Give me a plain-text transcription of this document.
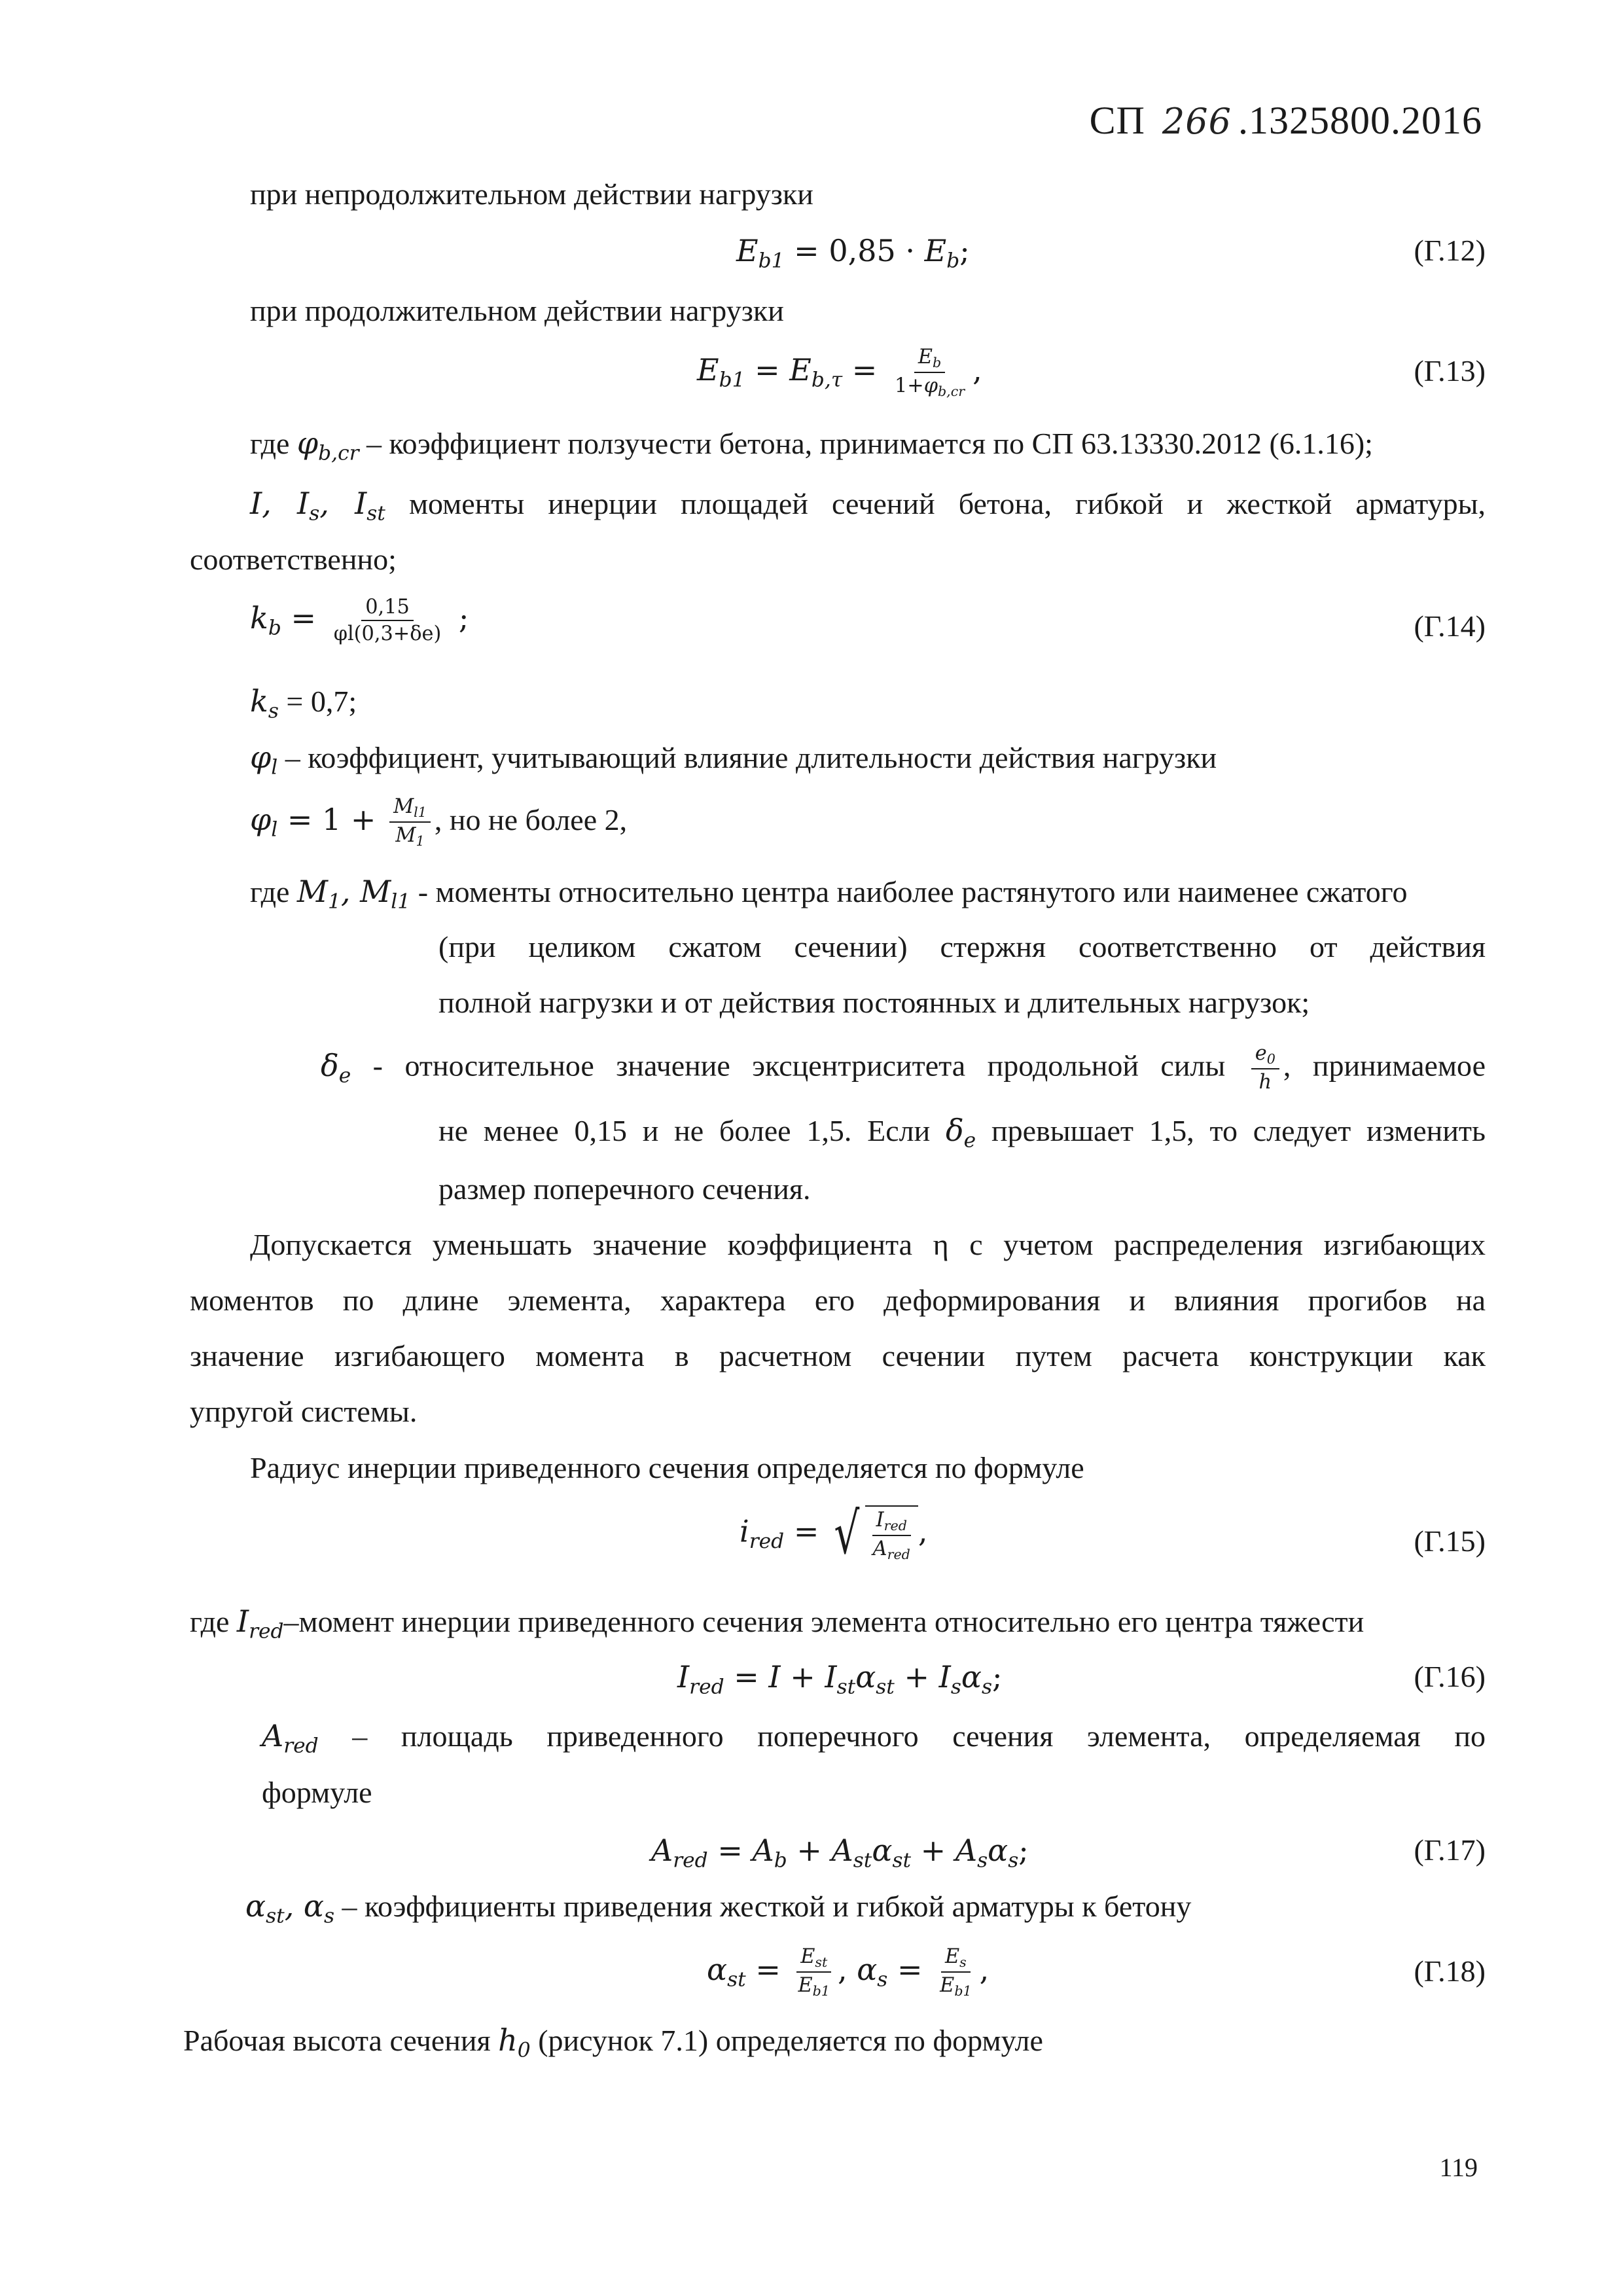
СП 266 .1325800.2016
при непродолжительном действии нагрузки
$E_{b1} = 0,85 \cdot E_b$;	(Г.12)
при продолжительном действии нагрузки
$E_{b1} = E_{b,\tau} = \frac{E_b}{1+\varphi_{b,cr}}$ ,	(Г.13)
где $\varphi_{b,cr}$ – коэффициент ползучести бетона, принимается по СП 63.13330.2012 (6.1.16);
I, $I_s$, $I_{st}$ моменты инерции площадей сечений бетона, гибкой и жесткой арматуры,
соответственно;
$k_b = \frac{0,15}{\varphi l(0,3+\delta e)}$ ;	(Г.14)
$k_s = 0,7$;
$\varphi_l$ – коэффициент, учитывающий влияние длительности действия нагрузки
$\varphi_l = 1 + \frac{M_{l1}}{M_1}$ , но не более 2,
где $M_1$, $M_{l1}$ - моменты относительно центра наиболее растянутого или наименее сжатого
(при целиком сжатом сечении) стержня соответственно от действия
полной нагрузки и от действия постоянных и длительных нагрузок;
$\delta_e$ - относительное значение эксцентриситета продольной силы $\frac{e_0}{h}$ , принимаемое
не менее 0,15 и не более 1,5. Если $\delta_e$ превышает 1,5, то следует изменить
размер поперечного сечения.
Допускается уменьшать значение коэффициента η с учетом распределения изгибающих
моментов по длине элемента, характера его деформирования и влияния прогибов на
значение изгибающего момента в расчетном сечении путем расчета конструкции как
упругой системы.
Радиус инерции приведенного сечения определяется по формуле
$i_{red}$ = √ $\frac{I_{red}}{A_{red}}$ ,	(Г.15)
где $I_{red}$–момент инерции приведенного сечения элемента относительно его центра тяжести
$I_{red} = I + I_{st}\alpha_{st} + I_s\alpha_s$;	(Г.16)
$A_{red}$ – площадь приведенного поперечного сечения элемента, определяемая по
формуле
$A_{red} = A_b + A_{st}\alpha_{st} + A_s\alpha_s$;	(Г.17)
$\alpha_{st}$, $\alpha_s$ – коэффициенты приведения жесткой и гибкой арматуры к бетону
$\alpha_{st} = \frac{E_{st}}{E_{b1}}$ , $\alpha_s = \frac{E_s}{E_{b1}}$ ,	(Г.18)
Рабочая высота сечения $h_0$ (рисунок 7.1) определяется по формуле
119
